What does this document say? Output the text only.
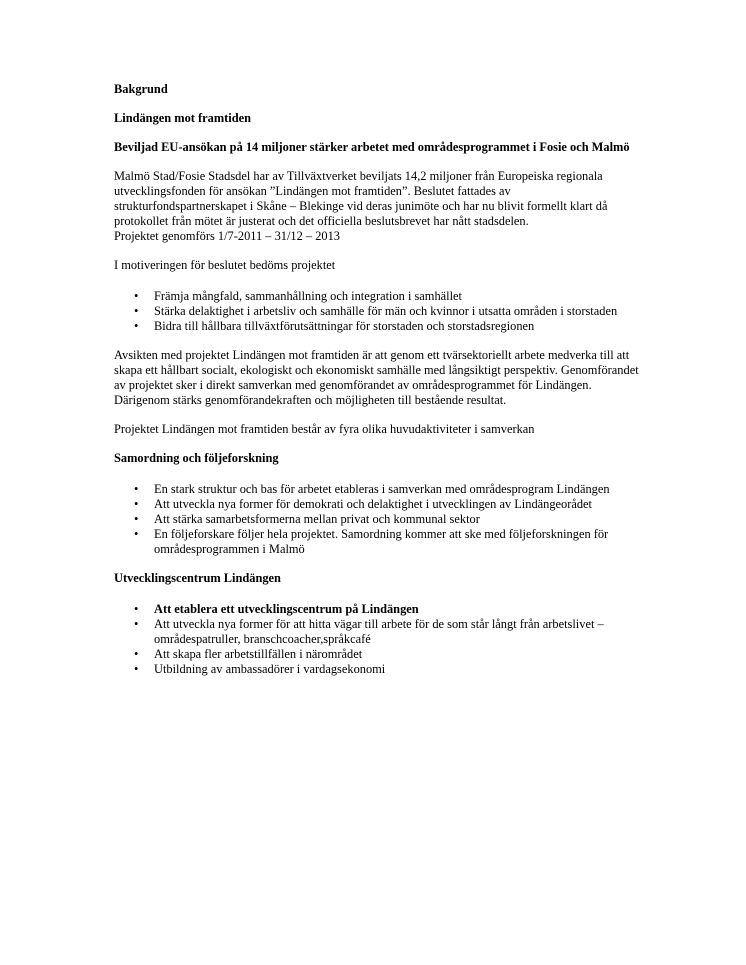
Bakgrund

Lindängen mot framtiden

Beviljad EU-ansökan på 14 miljoner stärker arbetet med områdesprogrammet i Fosie och Malmö

Malmö Stad/Fosie Stadsdel har av Tillväxtverket beviljats 14,2 miljoner från Europeiska regionala utvecklingsfonden för ansökan ”Lindängen mot framtiden”. Beslutet fattades av strukturfondspartnerskapet i Skåne – Blekinge vid deras junimöte och har nu blivit formellt klart då protokollet från mötet är justerat och det officiella beslutsbrevet har nått stadsdelen.

Projektet genomförs 1/7-2011 – 31/12 – 2013

I motiveringen för beslutet bedöms projektet

• Främja mångfald, sammanhållning och integration i samhället
• Stärka delaktighet i arbetsliv och samhälle för män och kvinnor i utsatta områden i storstaden
• Bidra till hållbara tillväxtförutsättningar för storstaden och storstadsregionen

Avsikten med projektet Lindängen mot framtiden är att genom ett tvärsektoriellt arbete medverka till att skapa ett hållbart socialt, ekologiskt och ekonomiskt samhälle med långsiktigt perspektiv. Genomförandet av projektet sker i direkt samverkan med genomförandet av områdesprogrammet för Lindängen. Därigenom stärks genomförandekraften och möjligheten till bestående resultat.

Projektet Lindängen mot framtiden består av fyra olika huvudaktiviteter i samverkan

Samordning och följeforskning

• En stark struktur och bas för arbetet etableras i samverkan med områdesprogram Lindängen
• Att utveckla nya former för demokrati och delaktighet i utvecklingen av Lindängeorådet
• Att stärka samarbetsformerna mellan privat och kommunal sektor
• En följeforskare följer hela projektet. Samordning kommer att ske med följeforskningen för områdesprogrammen i Malmö

Utvecklingscentrum Lindängen

• Att etablera ett utvecklingscentrum på Lindängen
• Att utveckla nya former för att hitta vägar till arbete för de som står långt från arbetslivet – områdespatruller, branschcoacher,språkcafé
• Att skapa fler arbetstillfällen i närområdet
• Utbildning av ambassadörer i vardagsekonomi
